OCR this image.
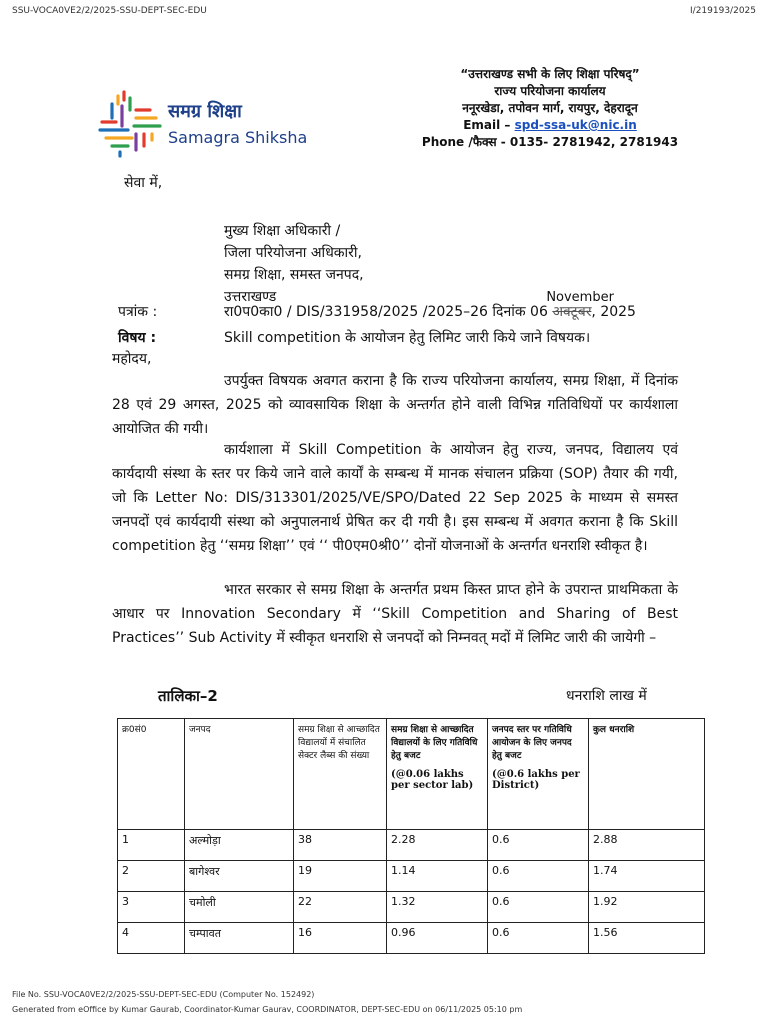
SSU-VOCA0VE2/2/2025-SSU-DEPT-SEC-EDU	I/219193/2025
समग्र शिक्षा
Samagra Shiksha
“उत्तराखण्ड सभी के लिए शिक्षा परिषद्”
राज्य परियोजना कार्यालय
ननूरखेडा, तपोवन मार्ग, रायपुर, देहरादून
Email – spd-ssa-uk@nic.in
Phone /फैक्स - 0135- 2781942, 2781943
सेवा में,
मुख्य शिक्षा अधिकारी /
जिला परियोजना अधिकारी,
समग्र शिक्षा, समस्त जनपद,
उत्तराखण्ड
पत्रांक :	रा0प0का0 / DIS/331958/2025 /2025–26 दिनांक 06 अक्टूबर
November
, 2025
विषय :	Skill competition के आयोजन हेतु लिमिट जारी किये जाने विषयक।
महोदय,
उपर्युक्त विषयक अवगत कराना है कि राज्य परियोजना कार्यालय, समग्र शिक्षा, में दिनांक 28 एवं 29 अगस्त, 2025 को व्यावसायिक शिक्षा के अन्तर्गत होने वाली विभिन्न गतिविधियों पर कार्यशाला आयोजित की गयी।
कार्यशाला में Skill Competition के आयोजन हेतु राज्य, जनपद, विद्यालय एवं कार्यदायी संस्था के स्तर पर किये जाने वाले कार्यों के सम्बन्ध में मानक संचालन प्रक्रिया (SOP) तैयार की गयी, जो कि Letter No: DIS/313301/2025/VE/SPO/Dated 22 Sep 2025 के माध्यम से समस्त जनपदों एवं कार्यदायी संस्था को अनुपालनार्थ प्रेषित कर दी गयी है। इस सम्बन्ध में अवगत कराना है कि Skill competition हेतु ‘‘समग्र शिक्षा’’ एवं ‘‘ पी0एम0श्री0’’ दोनों योजनाओं के अन्तर्गत धनराशि स्वीकृत है।
भारत सरकार से समग्र शिक्षा के अन्तर्गत प्रथम किस्त प्राप्त होने के उपरान्त प्राथमिकता के आधार पर Innovation Secondary में ‘‘Skill Competition and Sharing of Best Practices’’ Sub Activity में स्वीकृत धनराशि से जनपदों को निम्नवत् मदों में लिमिट जारी की जायेगी –
तालिका–2	धनराशि लाख में
क्र0सं0	जनपद	समग्र शिक्षा से आच्छादित विद्यालयों में संचालित सेक्टर लैब्स की संख्या	समग्र शिक्षा से आच्छादित विद्यालयों के लिए गतिविधि हेतु बजट
(@0.06 lakhs per sector lab)	जनपद स्तर पर गतिविधि आयोजन के लिए जनपद हेतु बजट
(@0.6 lakhs per District)	कुल धनराशि
1	अल्मोड़ा	38	2.28	0.6	2.88
2	बागेश्वर	19	1.14	0.6	1.74
3	चमोली	22	1.32	0.6	1.92
4	चम्पावत	16	0.96	0.6	1.56
File No. SSU-VOCA0VE2/2/2025-SSU-DEPT-SEC-EDU (Computer No. 152492)
Generated from eOffice by Kumar Gaurab, Coordinator-Kumar Gaurav, COORDINATOR, DEPT-SEC-EDU on 06/11/2025 05:10 pm
